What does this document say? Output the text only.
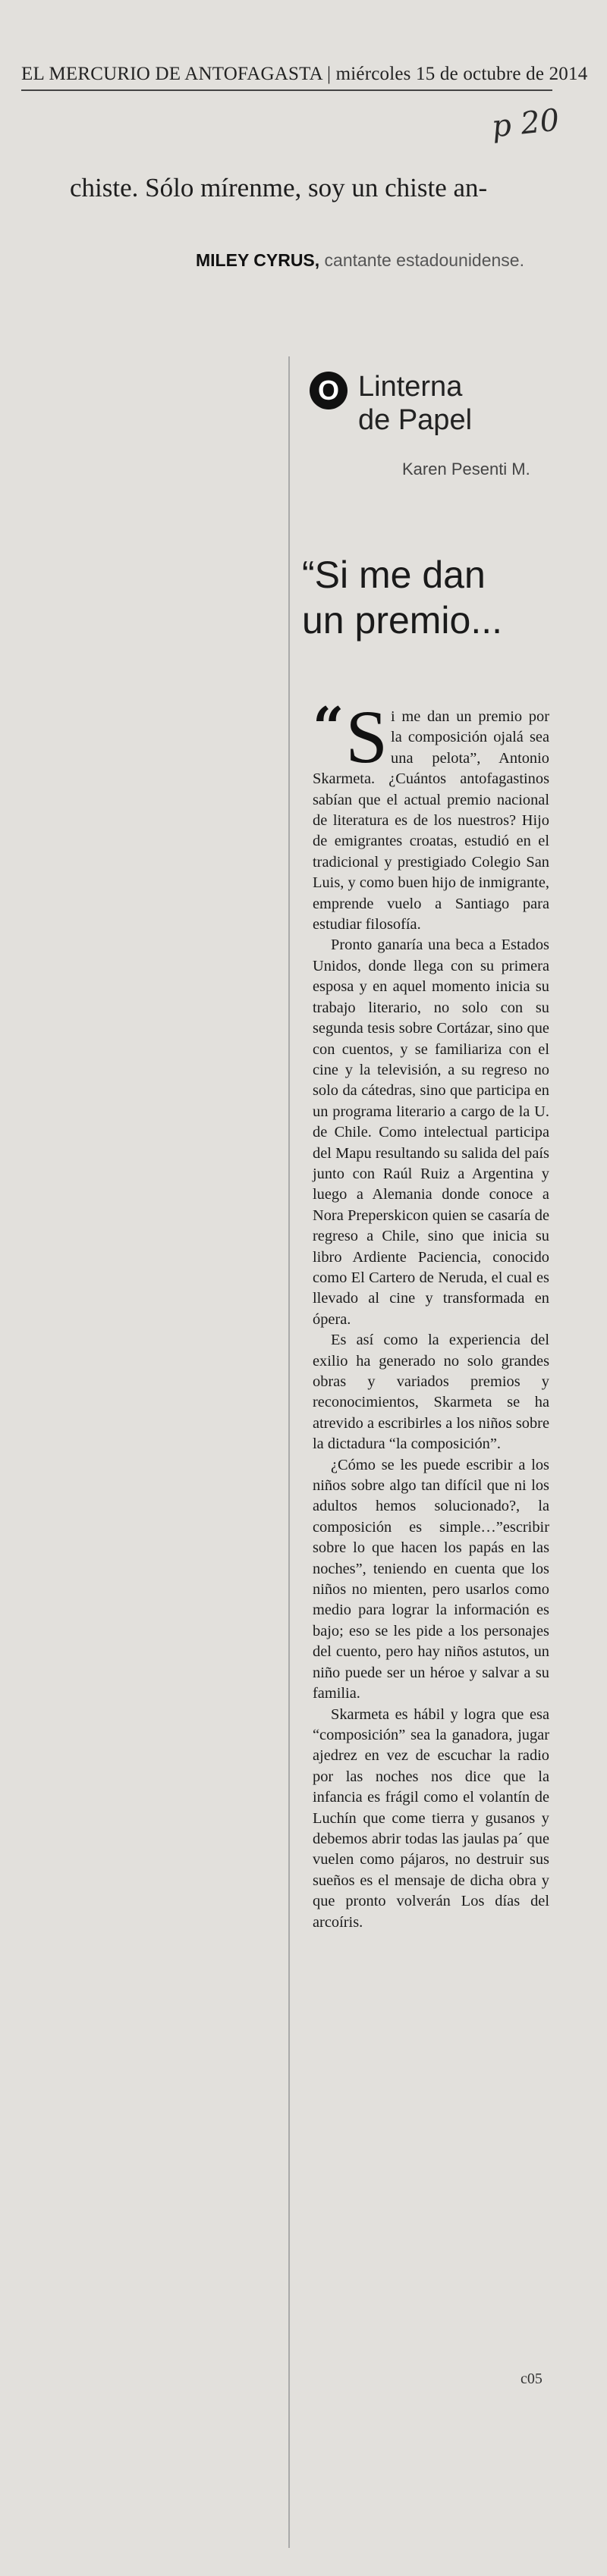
EL MERCURIO DE ANTOFAGASTA | miércoles 15 de octubre de 2014
p 20
chiste. Sólo mírenme, soy un chiste an-
MILEY CYRUS, cantante estadounidense.
O Linterna
de Papel
Karen Pesenti M.
“Si me dan
un premio...

“ S i me dan un premio por la composición ojalá sea una pelota”, Antonio Skarmeta. ¿Cuántos antofagastinos sabían que el actual premio nacional de literatura es de los nuestros? Hijo de emigrantes croatas, estudió en el tradicional y prestigiado Colegio San Luis, y como buen hijo de inmigrante, emprende vuelo a Santiago para estudiar filosofía.

Pronto ganaría una beca a Estados Unidos, donde llega con su primera esposa y en aquel momento inicia su trabajo literario, no solo con su segunda tesis sobre Cortázar, sino que con cuentos, y se familiariza con el cine y la televisión, a su regreso no solo da cátedras, sino que participa en un programa literario a cargo de la U. de Chile. Como intelectual participa del Mapu resultando su salida del país junto con Raúl Ruiz a Argentina y luego a Alemania donde conoce a Nora Preperskicon quien se casaría de regreso a Chile, sino que inicia su libro Ardiente Paciencia, conocido como El Cartero de Neruda, el cual es llevado al cine y transformada en ópera.

Es así como la experiencia del exilio ha generado no solo grandes obras y variados premios y reconocimientos, Skarmeta se ha atrevido a escribirles a los niños sobre la dictadura “la composición”.

¿Cómo se les puede escribir a los niños sobre algo tan difícil que ni los adultos hemos solucionado?, la composición es simple…”escribir sobre lo que hacen los papás en las noches”, teniendo en cuenta que los niños no mienten, pero usarlos como medio para lograr la información es bajo; eso se les pide a los personajes del cuento, pero hay niños astutos, un niño puede ser un héroe y salvar a su familia.

Skarmeta es hábil y logra que esa “composición” sea la ganadora, jugar ajedrez en vez de escuchar la radio por las noches nos dice que la infancia es frágil como el volantín de Luchín que come tierra y gusanos y debemos abrir todas las jaulas pa´ que vuelen como pájaros, no destruir sus sueños es el mensaje de dicha obra y que pronto volverán Los días del arcoíris.

c05
